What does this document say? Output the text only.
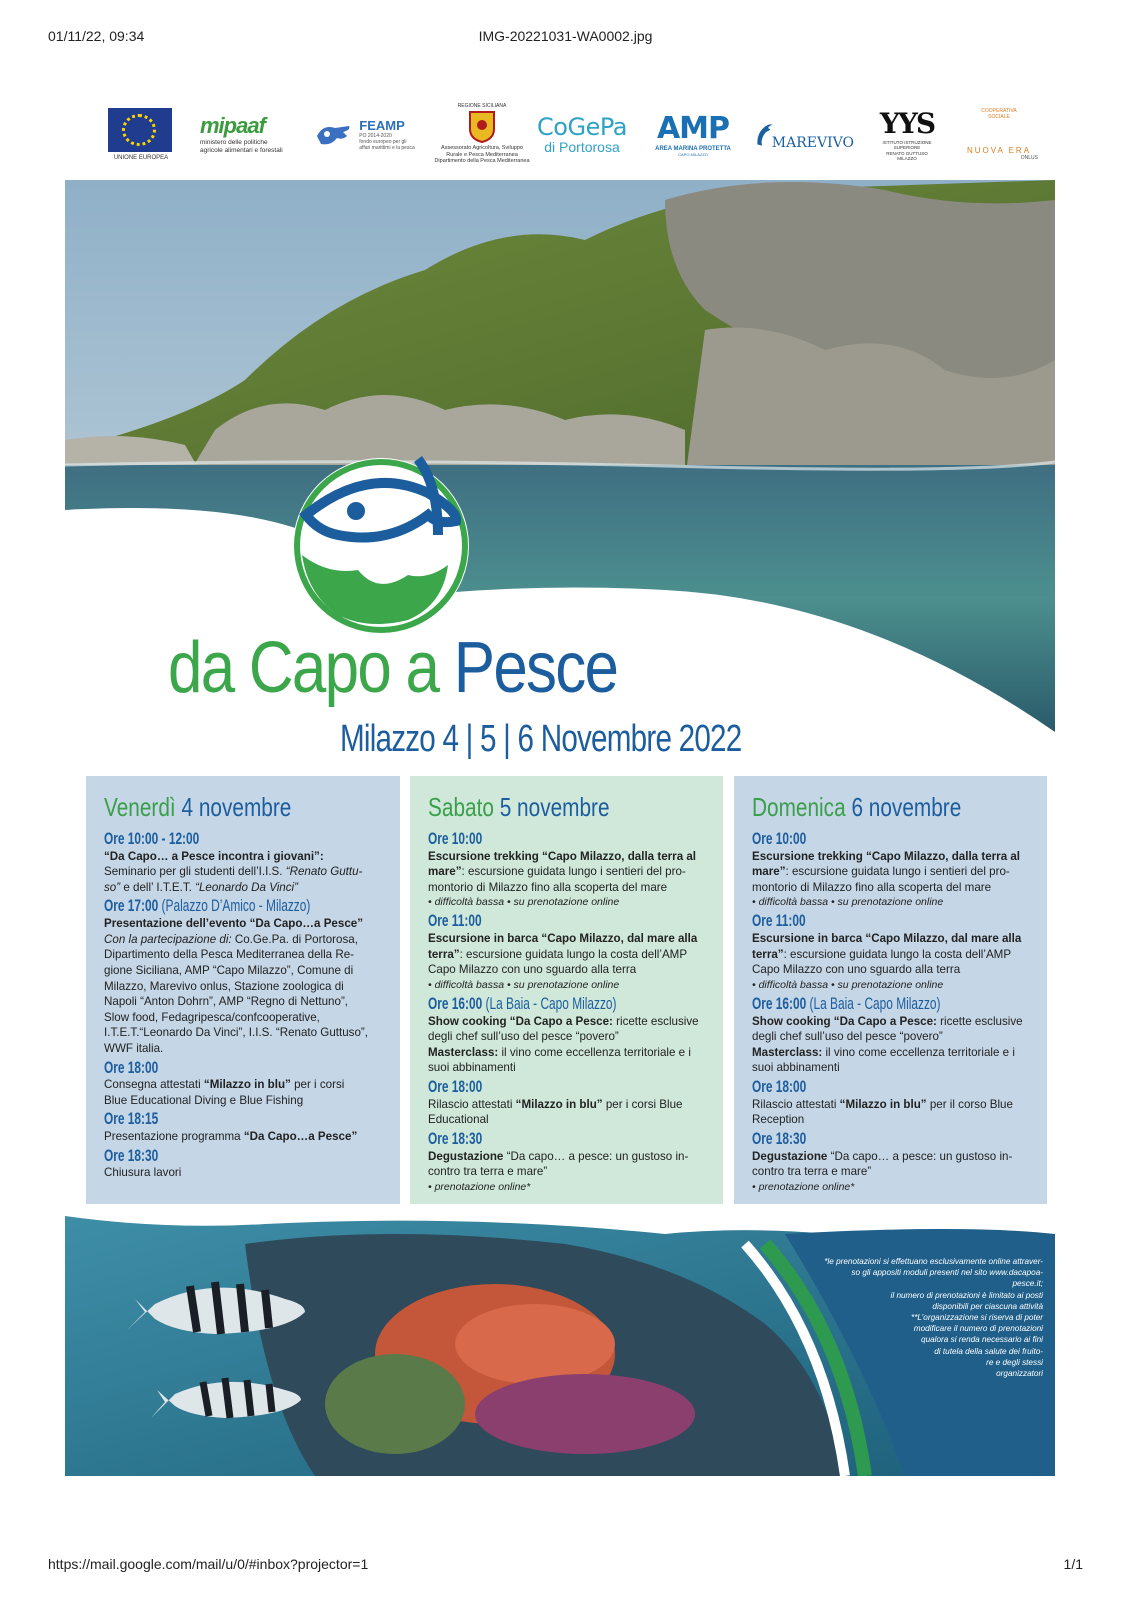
01/11/22, 09:34	IMG-20221031-WA0002.jpg
UNIONE EUROPEA
mipaaf
ministero delle politiche
agricole alimentari e forestali
FEAMP
PO 2014-2020
fondo europeo per gli
affari marittimi e la pesca
REGIONE SICILIANA
Assessorato Agricoltura, Sviluppo
Rurale e Pesca Mediterranea
Dipartimento della Pesca Mediterranea
CoGePa
di Portorosa
AMP
AREA MARINA PROTETTA
CAPO MILAZZO
MAREVIVO
YYS
ISTITUTO ISTRUZIONE SUPERIORE
RENATO GUTTUSO MILAZZO
COOPERATIVA
SOCIALE
NUOVA ERA
ONLUS
da Capo a Pesce
Milazzo 4 | 5 | 6 Novembre 2022
Venerdì 4 novembre
Ore 10:00 - 12:00
“Da Capo… a Pesce incontra i giovani”:
Seminario per gli studenti dell’I.I.S. “Renato Guttu-
so” e dell’ I.T.E.T. “Leonardo Da Vinci”
Ore 17:00 (Palazzo D’Amico - Milazzo)
Presentazione dell’evento “Da Capo…a Pesce”
Con la partecipazione di: Co.Ge.Pa. di Portorosa,
Dipartimento della Pesca Mediterranea della Re-
gione Siciliana, AMP “Capo Milazzo”, Comune di
Milazzo, Marevivo onlus, Stazione zoologica di
Napoli “Anton Dohrn”, AMP “Regno di Nettuno”,
Slow food, Fedagripesca/confcooperative,
I.T.E.T.“Leonardo Da Vinci”, I.I.S. “Renato Guttuso”,
WWF italia.
Ore 18:00
Consegna attestati “Milazzo in blu” per i corsi
Blue Educational Diving e Blue Fishing
Ore 18:15
Presentazione programma “Da Capo…a Pesce”
Ore 18:30
Chiusura lavori
Sabato 5 novembre
Ore 10:00
Escursione trekking “Capo Milazzo, dalla terra al
mare”: escursione guidata lungo i sentieri del pro-
montorio di Milazzo fino alla scoperta del mare
• difficoltà bassa • su prenotazione online
Ore 11:00
Escursione in barca “Capo Milazzo, dal mare alla
terra”: escursione guidata lungo la costa dell’AMP
Capo Milazzo con uno sguardo alla terra
• difficoltà bassa • su prenotazione online
Ore 16:00 (La Baia - Capo Milazzo)
Show cooking “Da Capo a Pesce: ricette esclusive
degli chef sull’uso del pesce “povero”
Masterclass: il vino come eccellenza territoriale e i
suoi abbinamenti
Ore 18:00
Rilascio attestati “Milazzo in blu” per i corsi Blue
Educational
Ore 18:30
Degustazione “Da capo… a pesce: un gustoso in-
contro tra terra e mare”
• prenotazione online*
Domenica 6 novembre
Ore 10:00
Escursione trekking “Capo Milazzo, dalla terra al
mare”: escursione guidata lungo i sentieri del pro-
montorio di Milazzo fino alla scoperta del mare
• difficoltà bassa • su prenotazione online
Ore 11:00
Escursione in barca “Capo Milazzo, dal mare alla
terra”: escursione guidata lungo la costa dell’AMP
Capo Milazzo con uno sguardo alla terra
• difficoltà bassa • su prenotazione online
Ore 16:00 (La Baia - Capo Milazzo)
Show cooking “Da Capo a Pesce: ricette esclusive
degli chef sull’uso del pesce “povero”
Masterclass: il vino come eccellenza territoriale e i
suoi abbinamenti
Ore 18:00
Rilascio attestati “Milazzo in blu” per il corso Blue
Reception
Ore 18:30
Degustazione “Da capo… a pesce: un gustoso in-
contro tra terra e mare”
• prenotazione online*
*le prenotazioni si effettuano esclusivamente online attraver-
so gli appositi moduli presenti nel sito www.dacapoa-
pesce.it;
il numero di prenotazioni è limitato ai posti
disponibili per ciascuna attività
**L’organizzazione si riserva di poter
modificare il numero di prenotazioni
qualora si renda necessario ai fini
di tutela della salute dei fruito-
re e degli stessi
organizzatori
https://mail.google.com/mail/u/0/#inbox?projector=1	1/1
